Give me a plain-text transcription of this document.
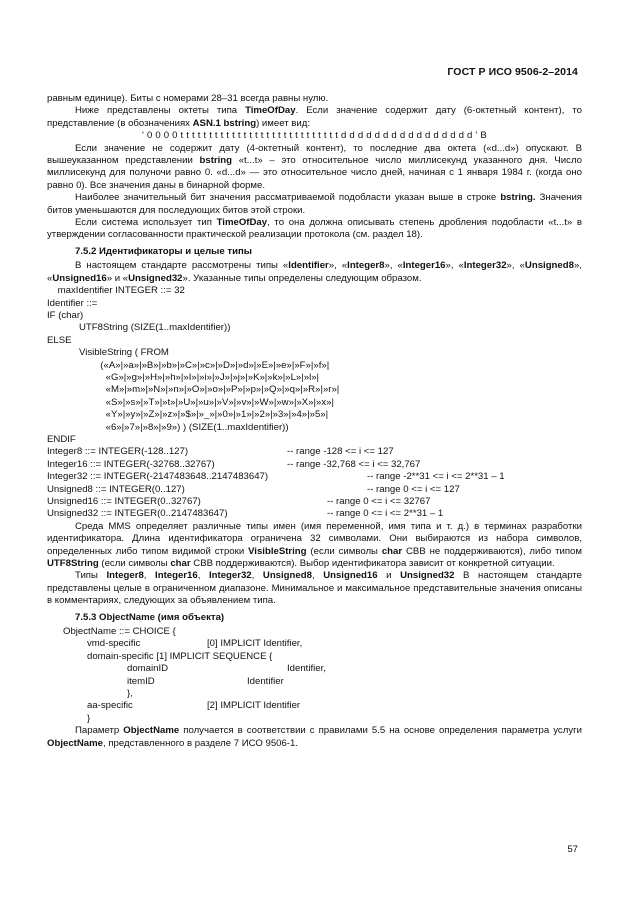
ГОСТ Р ИСО 9506-2–2014

равным единице). Биты с номерами 28–31 всегда равны нулю.

Ниже представлены октеты типа TimeOfDay. Если значение содержит дату (6-октетный контент), то представление (в обозначениях ASN.1 bstring) имеет вид:

' 0 0 0 0 t t t t t t t t t t t t t t t t t t t t t t t t t t t t d d d d d d d d d d d d d d d d ' B

Если значение не содержит дату (4-октетный контент), то последние два октета («d...d») опускают. В вышеуказанном представлении bstring «t...t» – это относительное число миллисекунд указанного дня. Число миллисекунд для полуночи равно 0. «d...d» — это относительное число дней, начиная с 1 января 1984 г. (когда оно равно 0). Все значения даны в бинарной форме.

Наиболее значительный бит значения рассматриваемой подобласти указан выше в строке bstring. Значения битов уменьшаются для последующих битов этой строки.

Если система использует тип TimeOfDay, то она должна описывать степень дробления подобласти «t...t» в утверждении согласованности практической реализации протокола (см. раздел 18).

7.5.2 Идентификаторы и целые типы

В настоящем стандарте рассмотрены типы «Identifier», «Integer8», «Integer16», «Integer32», «Unsigned8», «Unsigned16» и «Unsigned32». Указанные типы определены следующим образом.

maxIdentifier INTEGER ::= 32
Identifier ::=
IF (char)
UTF8String (SIZE(1..maxIdentifier))
ELSE
VisibleString ( FROM
(«A»|»a»|»B»|»b»|»C»|»c»|»D»|»d»|»E»|»e»|»F»|»f»|
«G»|»g»|»H»|»h»|»I»|»i»|»J»|»j»|»K»|»k»|»L»|»l»|
«M»|»m»|»N»|»n»|»O»|»o»|»P»|»p»|»Q»|»q»|»R»|»r»|
«S»|»s»|»T»|»t»|»U»|»u»|»V»|»v»|»W»|»w»|»X»|»x»|
«Y»|»y»|»Z»|»z»|»$»|»_»|»0»|»1»|»2»|»3»|»4»|»5»|
«6»|»7»|»8»|»9») ) (SIZE(1..maxIdentifier))
ENDIF
Integer8 ::= INTEGER(-128..127)	-- range -128 <= i <= 127
Integer16 ::= INTEGER(-32768..32767)	-- range -32,768 <= i <= 32,767
Integer32 ::= INTEGER(-2147483648..2147483647)	-- range -2**31 <= i <= 2**31 – 1
Unsigned8 ::= INTEGER(0..127)	-- range 0 <= i <= 127
Unsigned16 ::= INTEGER(0..32767)	-- range 0 <= i <= 32767
Unsigned32 ::= INTEGER(0..2147483647)	-- range 0 <= i <= 2**31 – 1

Среда MMS определяет различные типы имен (имя переменной, имя типа и т. д.) в терминах разработки идентификатора. Длина идентификатора ограничена 32 символами. Они выбираются из набора символов, определенных либо типом видимой строки VisibleString (если символы char СВВ не поддерживаются), либо типом UTF8String (если символы char СВВ поддерживаются). Выбор идентификатора зависит от конкретной ситуации.

Типы Integer8, Integer16, Integer32, Unsigned8, Unsigned16 и Unsigned32 В настоящем стандарте представлены целые в ограниченном диапазоне. Минимальное и максимальное представительные значения описаны в комментариях, следующих за объявлением типа.

7.5.3 ObjectName (имя объекта)
ObjectName ::= CHOICE {
vmd-specific	[0] IMPLICIT Identifier,
domain-specific [1] IMPLICIT SEQUENCE {
domainID	Identifier,
itemID	Identifier
},
aa-specific	[2] IMPLICIT Identifier
}

Параметр ObjectName получается в соответствии с правилами 5.5 на основе определения параметра услуги ObjectName, представленного в разделе 7 ИСО 9506-1.

57
